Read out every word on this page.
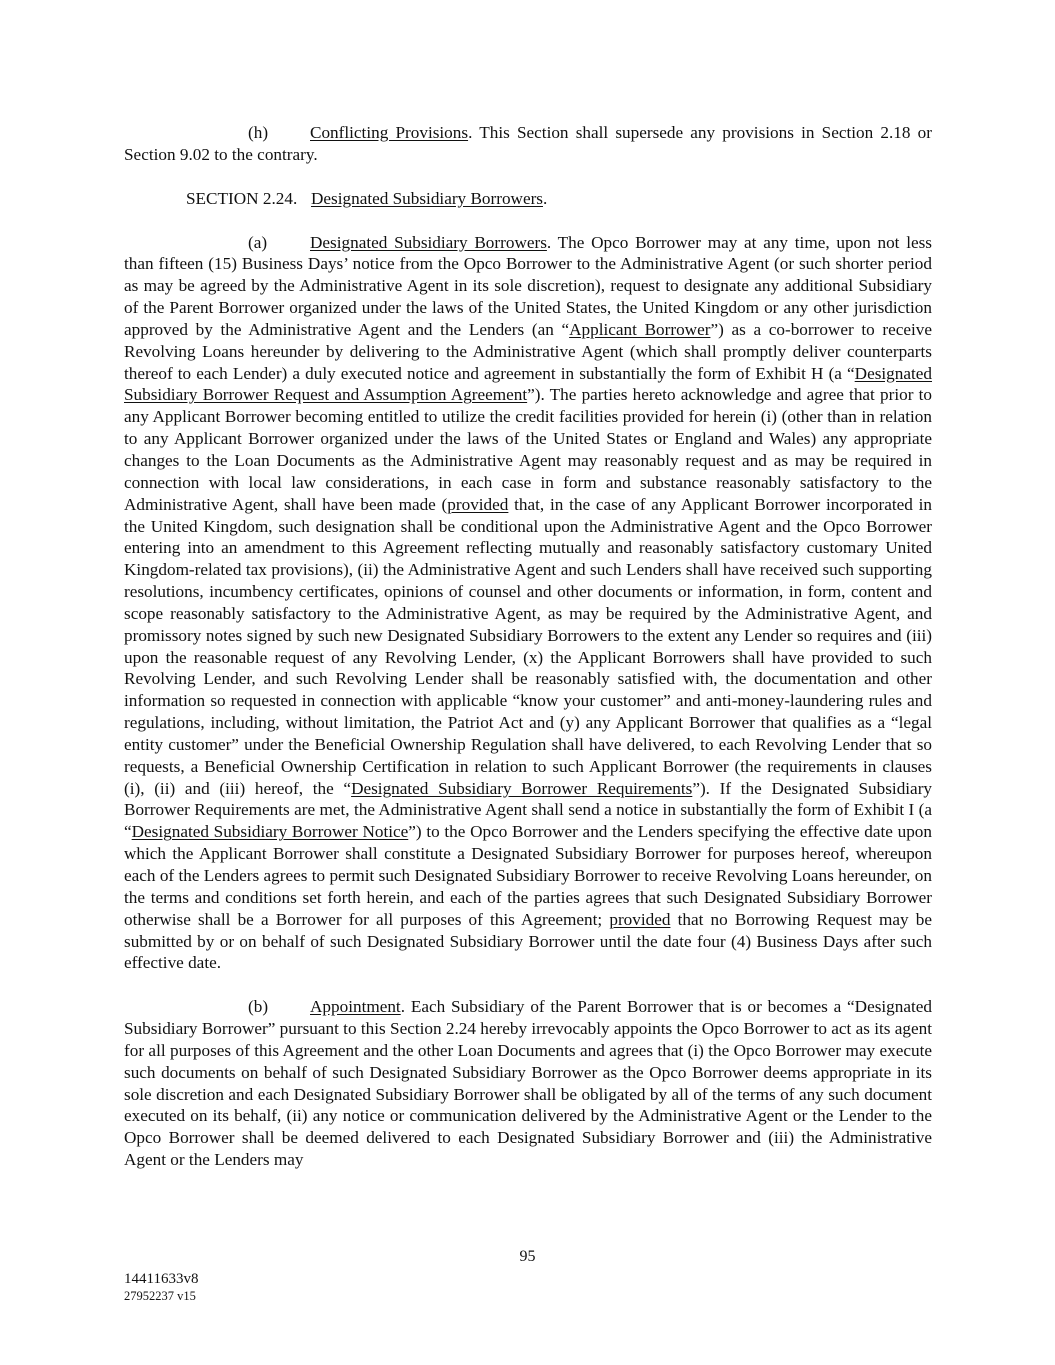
(h) Conflicting Provisions. This Section shall supersede any provisions in Section 2.18 or Section 9.02 to the contrary.

SECTION 2.24. Designated Subsidiary Borrowers.

(a) Designated Subsidiary Borrowers. The Opco Borrower may at any time, upon not less than fifteen (15) Business Days’ notice from the Opco Borrower to the Administrative Agent (or such shorter period as may be agreed by the Administrative Agent in its sole discretion), request to designate any additional Subsidiary of the Parent Borrower organized under the laws of the United States, the United Kingdom or any other jurisdiction approved by the Administrative Agent and the Lenders (an “Applicant Borrower”) as a co-borrower to receive Revolving Loans hereunder by delivering to the Administrative Agent (which shall promptly deliver counterparts thereof to each Lender) a duly executed notice and agreement in substantially the form of Exhibit H (a “Designated Subsidiary Borrower Request and Assumption Agreement”). The parties hereto acknowledge and agree that prior to any Applicant Borrower becoming entitled to utilize the credit facilities provided for herein (i) (other than in relation to any Applicant Borrower organized under the laws of the United States or England and Wales) any appropriate changes to the Loan Documents as the Administrative Agent may reasonably request and as may be required in connection with local law considerations, in each case in form and substance reasonably satisfactory to the Administrative Agent, shall have been made (provided that, in the case of any Applicant Borrower incorporated in the United Kingdom, such designation shall be conditional upon the Administrative Agent and the Opco Borrower entering into an amendment to this Agreement reflecting mutually and reasonably satisfactory customary United Kingdom-related tax provisions), (ii) the Administrative Agent and such Lenders shall have received such supporting resolutions, incumbency certificates, opinions of counsel and other documents or information, in form, content and scope reasonably satisfactory to the Administrative Agent, as may be required by the Administrative Agent, and promissory notes signed by such new Designated Subsidiary Borrowers to the extent any Lender so requires and (iii) upon the reasonable request of any Revolving Lender, (x) the Applicant Borrowers shall have provided to such Revolving Lender, and such Revolving Lender shall be reasonably satisfied with, the documentation and other information so requested in connection with applicable “know your customer” and anti-money-laundering rules and regulations, including, without limitation, the Patriot Act and (y) any Applicant Borrower that qualifies as a “legal entity customer” under the Beneficial Ownership Regulation shall have delivered, to each Revolving Lender that so requests, a Beneficial Ownership Certification in relation to such Applicant Borrower (the requirements in clauses (i), (ii) and (iii) hereof, the “Designated Subsidiary Borrower Requirements”). If the Designated Subsidiary Borrower Requirements are met, the Administrative Agent shall send a notice in substantially the form of Exhibit I (a “Designated Subsidiary Borrower Notice”) to the Opco Borrower and the Lenders specifying the effective date upon which the Applicant Borrower shall constitute a Designated Subsidiary Borrower for purposes hereof, whereupon each of the Lenders agrees to permit such Designated Subsidiary Borrower to receive Revolving Loans hereunder, on the terms and conditions set forth herein, and each of the parties agrees that such Designated Subsidiary Borrower otherwise shall be a Borrower for all purposes of this Agreement; provided that no Borrowing Request may be submitted by or on behalf of such Designated Subsidiary Borrower until the date four (4) Business Days after such effective date.

(b) Appointment. Each Subsidiary of the Parent Borrower that is or becomes a “Designated Subsidiary Borrower” pursuant to this Section 2.24 hereby irrevocably appoints the Opco Borrower to act as its agent for all purposes of this Agreement and the other Loan Documents and agrees that (i) the Opco Borrower may execute such documents on behalf of such Designated Subsidiary Borrower as the Opco Borrower deems appropriate in its sole discretion and each Designated Subsidiary Borrower shall be obligated by all of the terms of any such document executed on its behalf, (ii) any notice or communication delivered by the Administrative Agent or the Lender to the Opco Borrower shall be deemed delivered to each Designated Subsidiary Borrower and (iii) the Administrative Agent or the Lenders may

95
14411633v8
27952237 v15
